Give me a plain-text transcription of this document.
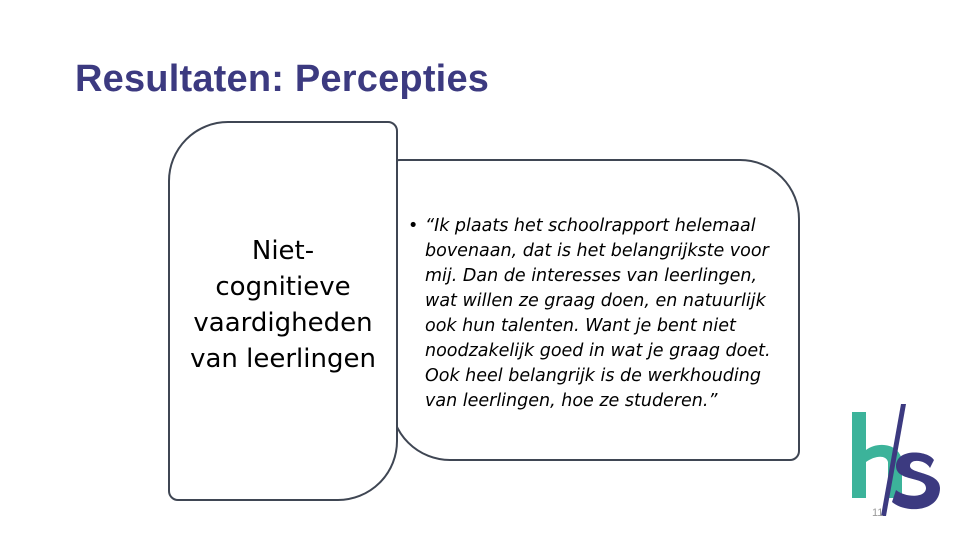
Resultaten: Percepties
Niet-cognitieve vaardigheden van leerlingen
• “Ik plaats het schoolrapport helemaal bovenaan, dat is het belangrijkste voor mij. Dan de interesses van leerlingen, wat willen ze graag doen, en natuurlijk ook hun talenten. Want je bent niet noodzakelijk goed in wat je graag doet. Ook heel belangrijk is de werkhouding van leerlingen, hoe ze studeren.”
11
